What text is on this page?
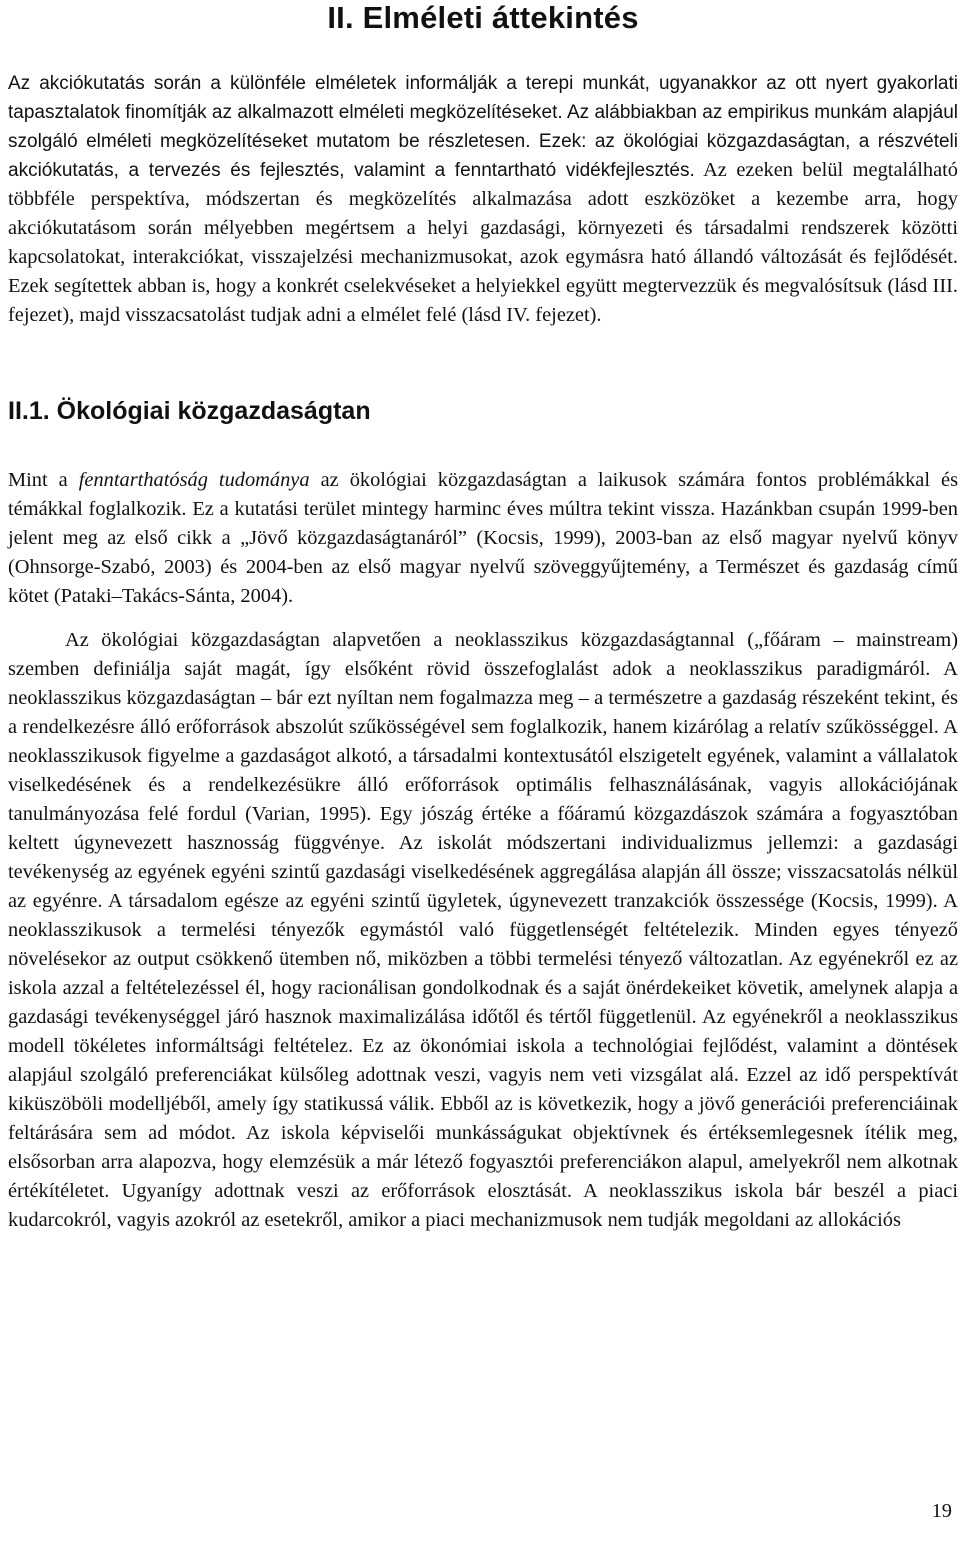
II. Elméleti áttekintés

Az akciókutatás során a különféle elméletek informálják a terepi munkát, ugyanakkor az ott nyert gyakorlati tapasztalatok finomítják az alkalmazott elméleti megközelítéseket. Az alábbiakban az empirikus munkám alapjául szolgáló elméleti megközelítéseket mutatom be részletesen. Ezek: az ökológiai közgazdaságtan, a részvételi akciókutatás, a tervezés és fejlesztés, valamint a fenntartható vidékfejlesztés. Az ezeken belül megtalálható többféle perspektíva, módszertan és megközelítés alkalmazása adott eszközöket a kezembe arra, hogy akciókutatásom során mélyebben megértsem a helyi gazdasági, környezeti és társadalmi rendszerek közötti kapcsolatokat, interakciókat, visszajelzési mechanizmusokat, azok egymásra ható állandó változását és fejlődését. Ezek segítettek abban is, hogy a konkrét cselekvéseket a helyiekkel együtt megtervezzük és megvalósítsuk (lásd III. fejezet), majd visszacsatolást tudjak adni a elmélet felé (lásd IV. fejezet).

II.1. Ökológiai közgazdaságtan

Mint a fenntarthatóság tudománya az ökológiai közgazdaságtan a laikusok számára fontos problémákkal és témákkal foglalkozik. Ez a kutatási terület mintegy harminc éves múltra tekint vissza. Hazánkban csupán 1999-ben jelent meg az első cikk a „Jövő közgazdaságtanáról” (Kocsis, 1999), 2003-ban az első magyar nyelvű könyv (Ohnsorge-Szabó, 2003) és 2004-ben az első magyar nyelvű szöveggyűjtemény, a Természet és gazdaság című kötet (Pataki–Takács-Sánta, 2004).

Az ökológiai közgazdaságtan alapvetően a neoklasszikus közgazdaságtannal („főáram – mainstream) szemben definiálja saját magát, így elsőként rövid összefoglalást adok a neoklasszikus paradigmáról. A neoklasszikus közgazdaságtan – bár ezt nyíltan nem fogalmazza meg – a természetre a gazdaság részeként tekint, és a rendelkezésre álló erőforrások abszolút szűkösségével sem foglalkozik, hanem kizárólag a relatív szűkösséggel. A neoklasszikusok figyelme a gazdaságot alkotó, a társadalmi kontextusától elszigetelt egyének, valamint a vállalatok viselkedésének és a rendelkezésükre álló erőforrások optimális felhasználásának, vagyis allokációjának tanulmányozása felé fordul (Varian, 1995). Egy jószág értéke a főáramú közgazdászok számára a fogyasztóban keltett úgynevezett hasznosság függvénye. Az iskolát módszertani individualizmus jellemzi: a gazdasági tevékenység az egyének egyéni szintű gazdasági viselkedésének aggregálása alapján áll össze; visszacsatolás nélkül az egyénre. A társadalom egésze az egyéni szintű ügyletek, úgynevezett tranzakciók összessége (Kocsis, 1999). A neoklasszikusok a termelési tényezők egymástól való függetlenségét feltételezik. Minden egyes tényező növelésekor az output csökkenő ütemben nő, miközben a többi termelési tényező változatlan. Az egyénekről ez az iskola azzal a feltételezéssel él, hogy racionálisan gondolkodnak és a saját önérdekeiket követik, amelynek alapja a gazdasági tevékenységgel járó hasznok maximalizálása időtől és tértől függetlenül. Az egyénekről a neoklasszikus modell tökéletes informáltsági feltételez. Ez az ökonómiai iskola a technológiai fejlődést, valamint a döntések alapjául szolgáló preferenciákat külsőleg adottnak veszi, vagyis nem veti vizsgálat alá. Ezzel az idő perspektívát kiküszöböli modelljéből, amely így statikussá válik. Ebből az is következik, hogy a jövő generációi preferenciáinak feltárására sem ad módot. Az iskola képviselői munkásságukat objektívnek és értéksemlegesnek ítélik meg, elsősorban arra alapozva, hogy elemzésük a már létező fogyasztói preferenciákon alapul, amelyekről nem alkotnak értékítéletet. Ugyanígy adottnak veszi az erőforrások elosztását. A neoklasszikus iskola bár beszél a piaci kudarcokról, vagyis azokról az esetekről, amikor a piaci mechanizmusok nem tudják megoldani az allokációs

19
